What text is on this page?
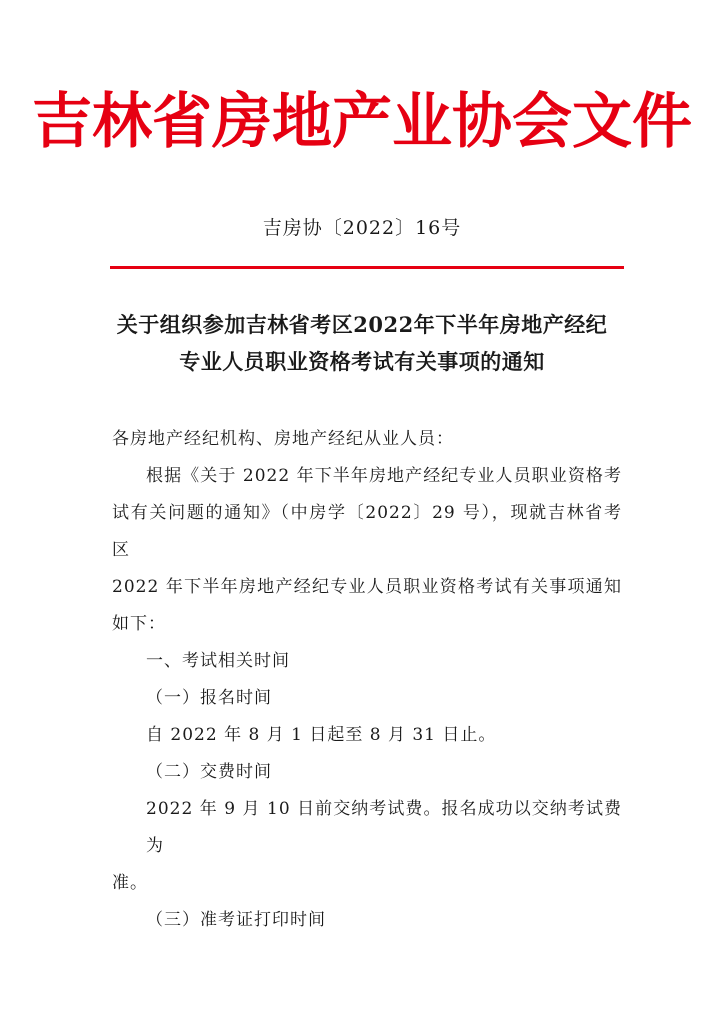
吉林省房地产业协会文件
吉房协〔2022〕16号
关于组织参加吉林省考区2022年下半年房地产经纪
专业人员职业资格考试有关事项的通知
各房地产经纪机构、房地产经纪从业人员：
根据《关于 2022 年下半年房地产经纪专业人员职业资格考
试有关问题的通知》（中房学〔2022〕29 号），现就吉林省考区
2022 年下半年房地产经纪专业人员职业资格考试有关事项通知
如下：
一、考试相关时间
（一）报名时间
自 2022 年 8 月 1 日起至 8 月 31 日止。
（二）交费时间
2022 年 9 月 10 日前交纳考试费。报名成功以交纳考试费为
准。
（三）准考证打印时间
